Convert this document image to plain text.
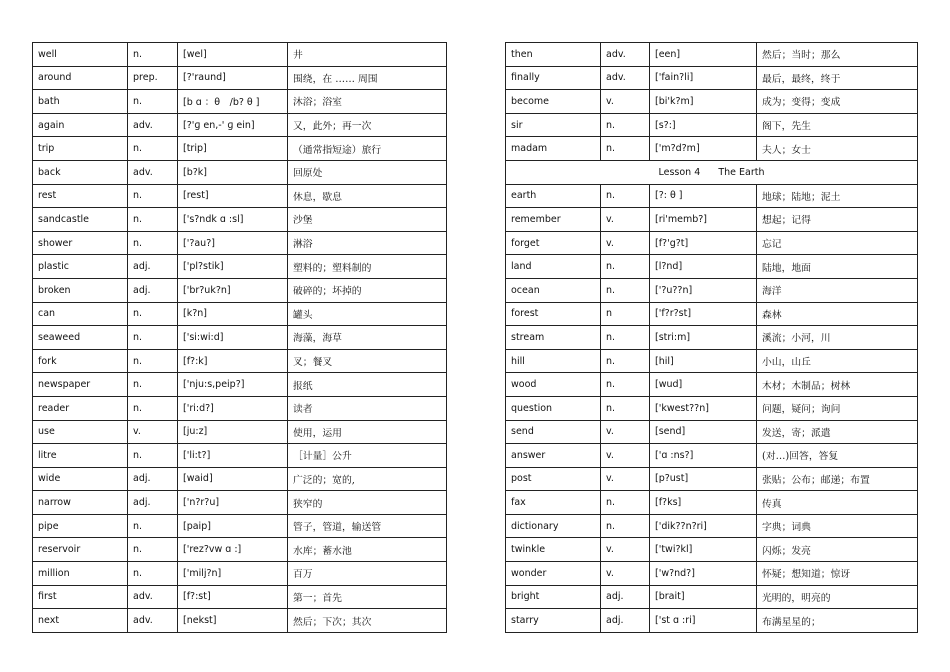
well	n.	[wel]	井
around	prep.	[?'raund]	围绕，在 …… 周围
bath	n.	[b ɑ ：θ　/b? θ ]	沐浴；浴室
again	adv.	[?'ɡ en,-' ɡ ein]	又，此外；再一次
trip	n.	[trip]	（通常指短途）旅行
back	adv.	[b?k]	回原处
rest	n.	[rest]	休息，歇息
sandcastle	n.	['s?ndk ɑ :sl]	沙堡
shower	n.	['?au?]	淋浴
plastic	adj.	['pl?stik]	塑料的；塑料制的
broken	adj.	['br?uk?n]	破碎的；坏掉的
can	n.	[k?n]	罐头
seaweed	n.	['si:wi:d]	海藻，海草
fork	n.	[f?:k]	叉；餐叉
newspaper	n.	['nju:s,peip?]	报纸
reader	n.	['ri:d?]	读者
use	v.	[ju:z]	使用，运用
litre	n.	['li:t?]	［计量］公升
wide	adj.	[waid]	广泛的；宽的,
narrow	adj.	['n?r?u]	狭窄的
pipe	n.	[paip]	管子，管道，输送管
reservoir	n.	['rez?vw ɑ :]	水库；蓄水池
million	n.	['milj?n]	百万
first	adv.	[f?:st]	第一；首先
next	adv.	[nekst]	然后；下次；其次
then	adv.	[een]	然后；当时；那么
finally	adv.	['fain?li]	最后，最终，终于
become	v.	[bi'k?m]	成为；变得；变成
sir	n.	[s?:]	阁下，先生
madam	n.	['m?d?m]	夫人；女士
Lesson 4      The Earth			
earth	n.	[?: θ ]	地球；陆地；泥土
remember	v.	[ri'memb?]	想起；记得
forget	v.	[f?'g?t]	忘记
land	n.	[l?nd]	陆地，地面
ocean	n.	['?u??n]	海洋
forest	n	['f?r?st]	森林
stream	n.	[stri:m]	溪流；小河，川
hill	n.	[hil]	小山，山丘
wood	n.	[wud]	木材；木制品；树林
question	n.	['kwest??n]	问题，疑问；询问
send	v.	[send]	发送，寄；派遣
answer	v.	['ɑ :ns?]	(对…)回答，答复
post	v.	[p?ust]	张贴；公布；邮递；布置
fax	n.	[f?ks]	传真
dictionary	n.	['dik??n?ri]	字典；词典
twinkle	v.	['twi?kl]	闪烁；发亮
wonder	v.	['w?nd?]	怀疑；想知道；惊讶
bright	adj.	[brait]	光明的，明亮的
starry	adj.	['st ɑ :ri]	布满星星的；
